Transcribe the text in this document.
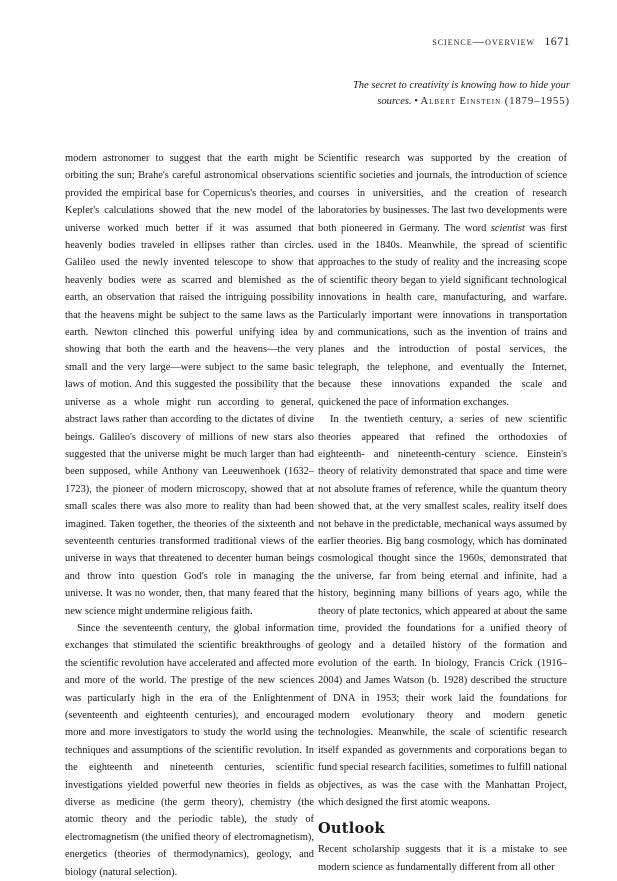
science—overview 1671
The secret to creativity is knowing how to hide your
sources. • Albert Einstein (1879–1955)

modern astronomer to suggest that the earth might be orbiting the sun; Brahe's careful astronomical observations provided the empirical base for Copernicus's theories, and Kepler's calculations showed that the new model of the universe worked much better if it was assumed that heavenly bodies traveled in ellipses rather than circles. Galileo used the newly invented telescope to show that heavenly bodies were as scarred and blemished as the earth, an observation that raised the intriguing possibility that the heavens might be subject to the same laws as the earth. Newton clinched this powerful unifying idea by showing that both the earth and the heavens—the very small and the very large—were subject to the same basic laws of motion. And this suggested the possibility that the universe as a whole might run according to general, abstract laws rather than according to the dictates of divine beings. Galileo's discovery of millions of new stars also suggested that the universe might be much larger than had been supposed, while Anthony van Leeuwenhoek (1632–1723), the pioneer of modern microscopy, showed that at small scales there was also more to reality than had been imagined. Taken together, the theories of the sixteenth and seventeenth centuries transformed traditional views of the universe in ways that threatened to decenter human beings and throw into question God's role in managing the universe. It was no wonder, then, that many feared that the new science might undermine religious faith.

Since the seventeenth century, the global information exchanges that stimulated the scientific breakthroughs of the scientific revolution have accelerated and affected more and more of the world. The prestige of the new sciences was particularly high in the era of the Enlightenment (seventeenth and eighteenth centuries), and encouraged more and more investigators to study the world using the techniques and assumptions of the scientific revolution. In the eighteenth and nineteenth centuries, scientific investigations yielded powerful new theories in fields as diverse as medicine (the germ theory), chemistry (the atomic theory and the periodic table), the study of electromagnetism (the unified theory of electromagnetism), energetics (theories of thermodynamics), geology, and biology (natural selection).

Scientific research was supported by the creation of scientific societies and journals, the introduction of science courses in universities, and the creation of research laboratories by businesses. The last two developments were both pioneered in Germany. The word scientist was first used in the 1840s. Meanwhile, the spread of scientific approaches to the study of reality and the increasing scope of scientific theory began to yield significant technological innovations in health care, manufacturing, and warfare. Particularly important were innovations in transportation and communications, such as the invention of trains and planes and the introduction of postal services, the telegraph, the telephone, and eventually the Internet, because these innovations expanded the scale and quickened the pace of information exchanges.

In the twentieth century, a series of new scientific theories appeared that refined the orthodoxies of eighteenth- and nineteenth-century science. Einstein's theory of relativity demonstrated that space and time were not absolute frames of reference, while the quantum theory showed that, at the very smallest scales, reality itself does not behave in the predictable, mechanical ways assumed by earlier theories. Big bang cosmology, which has dominated cosmological thought since the 1960s, demonstrated that the universe, far from being eternal and infinite, had a history, beginning many billions of years ago, while the theory of plate tectonics, which appeared at about the same time, provided the foundations for a unified theory of geology and a detailed history of the formation and evolution of the earth. In biology, Francis Crick (1916–2004) and James Watson (b. 1928) described the structure of DNA in 1953; their work laid the foundations for modern evolutionary theory and modern genetic technologies. Meanwhile, the scale of scientific research itself expanded as governments and corporations began to fund special research facilities, sometimes to fulfill national objectives, as was the case with the Manhattan Project, which designed the first atomic weapons.

Outlook

Recent scholarship suggests that it is a mistake to see modern science as fundamentally different from all other
